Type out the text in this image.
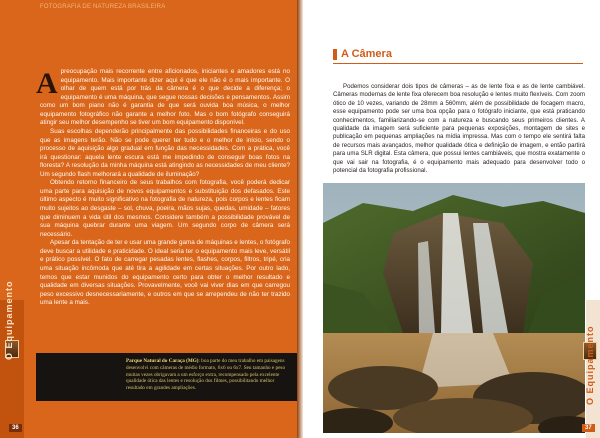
FOTOGRAFIA DE NATUREZA BRASILEIRA

Apreocupação mais recorrente entre aficionados, iniciantes e amadores está no equipamento. Mais importante dizer aqui é que ele não é o mais importante. O olhar de quem está por trás da câmera é o que decide a diferença; o equipamento é uma máquina, que segue nossas decisões e pensamentos. Assim como um bom piano não é garantia de que será ouvida boa música, o melhor equipamento fotográfico não garante a melhor foto. Mas o bom fotógrafo conseguirá atingir seu melhor desempenho se tiver um bom equipamento disponível.

Suas escolhas dependerão principalmente das possibilidades financeiras e do uso que as imagens terão. Não se pode querer ter tudo e o melhor de início, sendo o processo de aquisição algo gradual em função das necessidades. Com a prática, você irá questionar: aquela lente escura está me impedindo de conseguir boas fotos na floresta? A resolução da minha máquina está atingindo as necessidades de meu cliente? Um segundo flash melhorará a qualidade de iluminação?

Obtendo retorno financeiro de seus trabalhos com fotografia, você poderá dedicar uma parte para aquisição de novos equipamentos e substituição dos defasados. Este último aspecto é muito significativo na fotografia de natureza, pois corpos e lentes ficam muito sujeitos ao desgaste – sol, chuva, poeira, mãos sujas, quedas, umidade – fatores que diminuem a vida útil dos mesmos. Considere também a possibilidade provável de sua máquina quebrar durante uma viagem. Um segundo corpo de câmera será necessário.

Apesar da tentação de ter e usar uma grande gama de máquinas e lentes, o fotógrafo deve buscar a utilidade e praticidade. O ideal seria ter o equipamento mais leve, versátil e prático possível. O fato de carregar pesadas lentes, flashes, corpos, filtros, tripé, cria uma situação incômoda que até tira a agilidade em certas situações. Por outro lado, temos que estar munidos do equipamento certo para obter o melhor resultado e qualidade em diversas situações. Provavelmente, você vai viver dias em que carregou peso excessivo desnecessariamente, e outros em que se arrependeu de não ter trazido uma lente a mais.

O Equipamento
36
Parque Natural do Caraça (MG): boa parte do meu trabalho em paisagens desenvolvi com câmeras de médio formato, 6x6 ou 6x7. Seu tamanho e peso muitas vezes obrigavam a um esforço extra, recompensado pela excelente qualidade ótica das lentes e resolução dos filmes, possibilitando melhor resultado em grandes ampliações.
A Câmera

Podemos considerar dois tipos de câmeras – as de lente fixa e as de lente cambiável. Câmeras modernas de lente fixa oferecem boa resolução e lentes muito flexíveis. Com zoom ótico de 10 vezes, variando de 28mm a 560mm, além de possibilidade de focagem macro, esse equipamento pode ser uma boa opção para o fotógrafo iniciante, que está praticando conhecimentos, familiarizando-se com a natureza e buscando seus primeiros clientes. A qualidade da imagem será suficiente para pequenas exposições, montagem de sites e publicação em pequenas ampliações na mídia impressa. Mas com o tempo ele sentirá falta de recursos mais avançados, melhor qualidade ótica e definição de imagem, e então partirá para uma SLR digital. Esta câmera, que possui lentes cambiáveis, que mostra exatamente o que vai sair na fotografia, é o equipamento mais adequado para desenvolver todo o potencial da fotografia profissional.

O Equipamento
37
